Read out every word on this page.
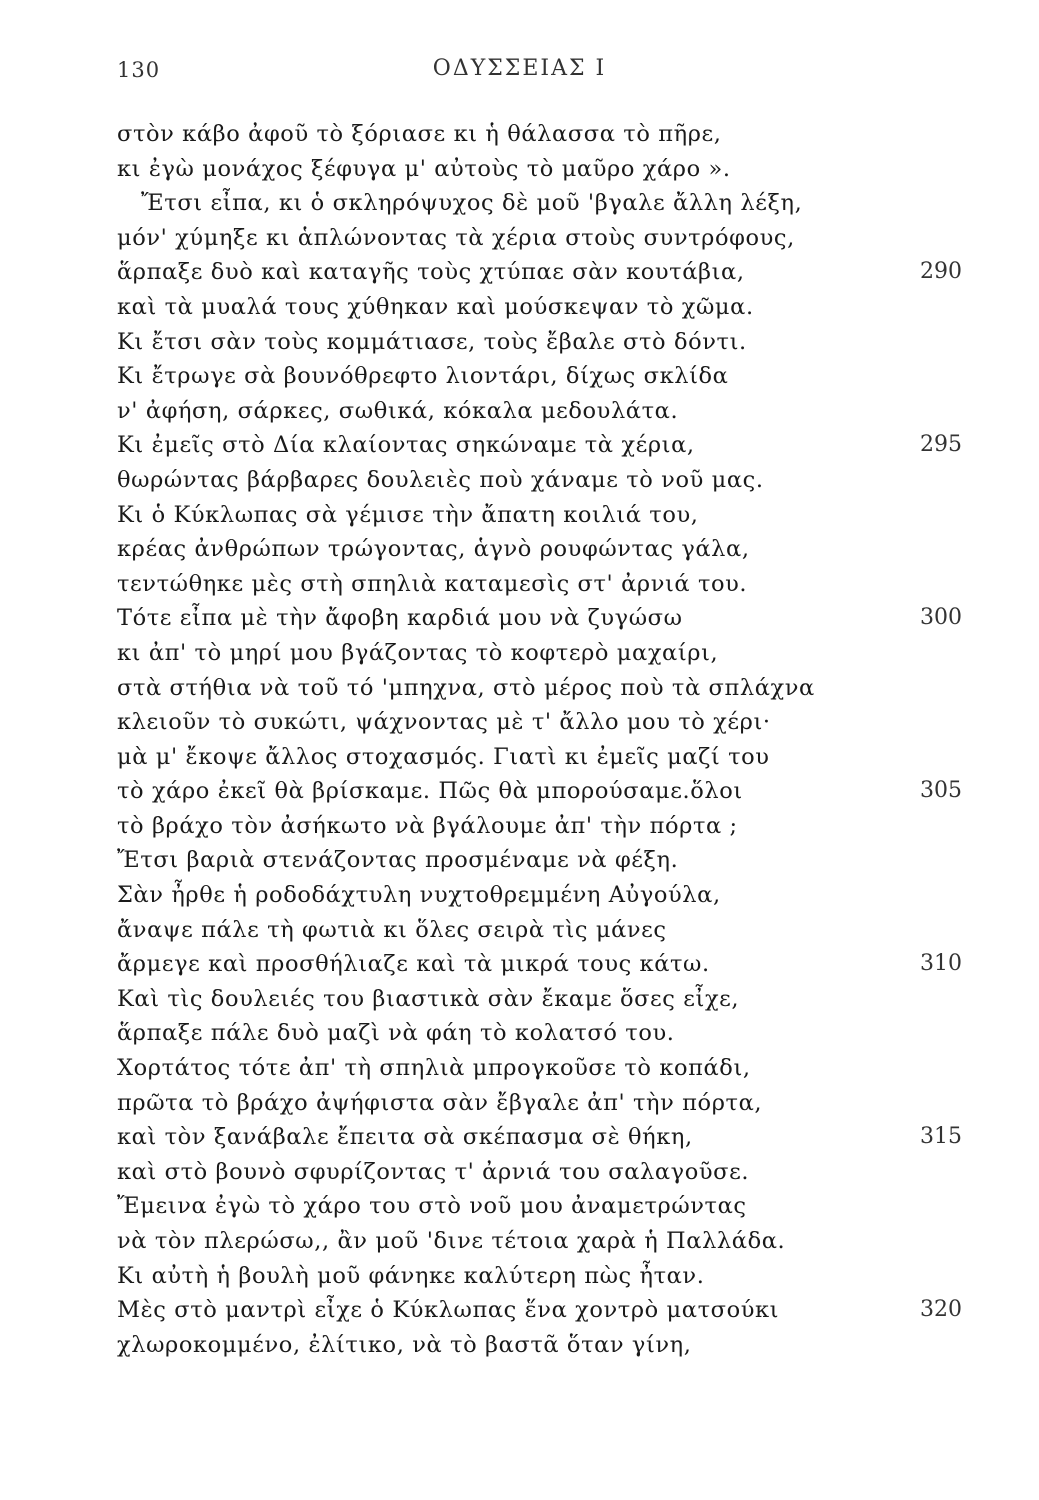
130	ΟΔΥΣΣΕΙΑΣ Ι
στὸν κάβο ἀφοῦ τὸ ξόριασε κι ἡ θάλασσα τὸ πῆρε,
κι ἐγὼ μονάχος ξέφυγα μ' αὐτοὺς τὸ μαῦρο χάρο ».
Ἔτσι εἶπα, κι ὁ σκληρόψυχος δὲ μοῦ 'βγαλε ἄλλη λέξη,
μόν' χύμηξε κι ἁπλώνοντας τὰ χέρια στοὺς συντρόφους,
ἅρπαξε δυὸ καὶ καταγῆς τοὺς χτύπαε σὰν κουτάβια,	290
καὶ τὰ μυαλά τους χύθηκαν καὶ μούσκεψαν τὸ χῶμα.
Κι ἔτσι σὰν τοὺς κομμάτιασε, τοὺς ἔβαλε στὸ δόντι.
Κι ἔτρωγε σὰ βουνόθρεφτο λιοντάρι, δίχως σκλίδα
ν' ἀφήση, σάρκες, σωθικά, κόκαλα μεδουλάτα.
Κι ἐμεῖς στὸ Δία κλαίοντας σηκώναμε τὰ χέρια,	295
θωρώντας βάρβαρες δουλειὲς ποὺ χάναμε τὸ νοῦ μας.
Κι ὁ Κύκλωπας σὰ γέμισε τὴν ἄπατη κοιλιά του,
κρέας ἀνθρώπων τρώγοντας, ἁγνὸ ρουφώντας γάλα,
τεντώθηκε μὲς στὴ σπηλιὰ καταμεσὶς στ' ἀρνιά του.
Τότε εἶπα μὲ τὴν ἄφοβη καρδιά μου νὰ ζυγώσω	300
κι ἀπ' τὸ μηρί μου βγάζοντας τὸ κοφτερὸ μαχαίρι,
στὰ στήθια νὰ τοῦ τό 'μπηχνα, στὸ μέρος ποὺ τὰ σπλάχνα
κλειοῦν τὸ συκώτι, ψάχνοντας μὲ τ' ἄλλο μου τὸ χέρι·
μὰ μ' ἔκοψε ἄλλος στοχασμός. Γιατὶ κι ἐμεῖς μαζί του
τὸ χάρο ἐκεῖ θὰ βρίσκαμε. Πῶς θὰ μπορούσαμε.ὅλοι	305
τὸ βράχο τὸν ἀσήκωτο νὰ βγάλουμε ἀπ' τὴν πόρτα ;
Ἔτσι βαριὰ στενάζοντας προσμέναμε νὰ φέξη.
Σὰν ἦρθε ἡ ροδοδάχτυλη νυχτοθρεμμένη Αὐγούλα,
ἄναψε πάλε τὴ φωτιὰ κι ὅλες σειρὰ τὶς μάνες
ἄρμεγε καὶ προσθήλιαζε καὶ τὰ μικρά τους κάτω.	310
Καὶ τὶς δουλειές του βιαστικὰ σὰν ἔκαμε ὅσες εἶχε,
ἅρπαξε πάλε δυὸ μαζὶ νὰ φάη τὸ κολατσό του.
Χορτάτος τότε ἀπ' τὴ σπηλιὰ μπρογκοῦσε τὸ κοπάδι,
πρῶτα τὸ βράχο ἀψήφιστα σὰν ἔβγαλε ἀπ' τὴν πόρτα,
καὶ τὸν ξανάβαλε ἔπειτα σὰ σκέπασμα σὲ θήκη,	315
καὶ στὸ βουνὸ σφυρίζοντας τ' ἀρνιά του σαλαγοῦσε.
Ἔμεινα ἐγὼ τὸ χάρο του στὸ νοῦ μου ἀναμετρώντας
νὰ τὸν πλερώσω,, ἂν μοῦ 'δινε τέτοια χαρὰ ἡ Παλλάδα.
Κι αὐτὴ ἡ βουλὴ μοῦ φάνηκε καλύτερη πὼς ἦταν.
Μὲς στὸ μαντρὶ εἶχε ὁ Κύκλωπας ἕνα χοντρὸ ματσούκι	320
χλωροκομμένο, ἐλίτικο, νὰ τὸ βαστᾶ ὅταν γίνη,
